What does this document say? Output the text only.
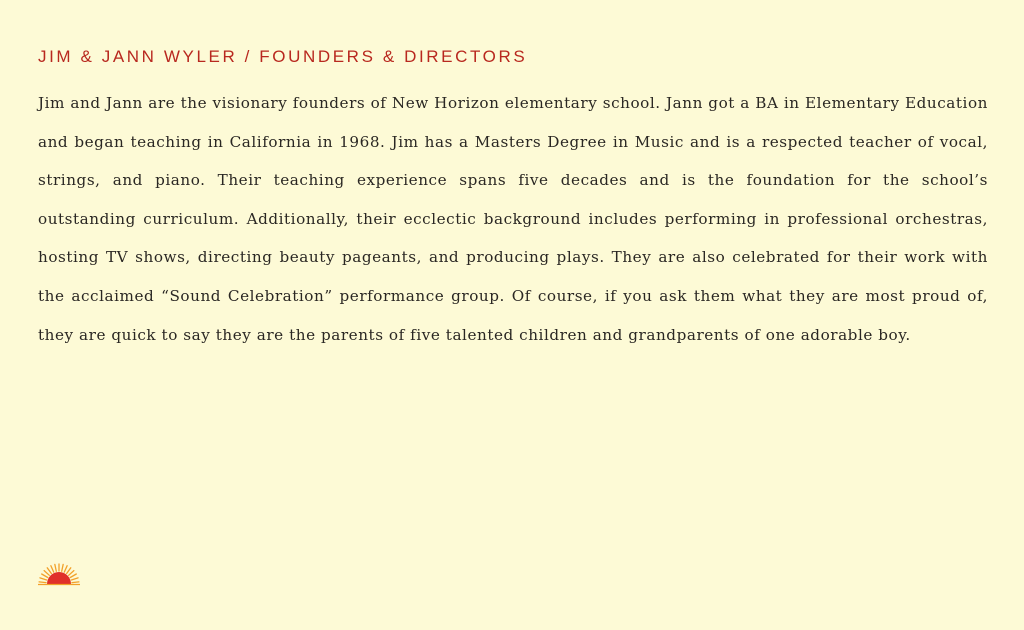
JIM & JANN WYLER / FOUNDERS & DIRECTORS

Jim and Jann are the visionary founders of New Horizon elementary school. Jann got a BA in Elementary Education and began teaching in California in 1968. Jim has a Masters Degree in Music and is a respected teacher of vocal, strings, and piano. Their teaching experience spans five decades and is the foundation for the school’s outstanding curriculum. Additionally, their ecclectic background includes performing in professional orchestras, hosting TV shows, directing beauty pageants, and producing plays. They are also celebrated for their work with the acclaimed “Sound Celebration” performance group. Of course, if you ask them what they are most proud of, they are quick to say they are the parents of five talented children and grandparents of one adorable boy.
